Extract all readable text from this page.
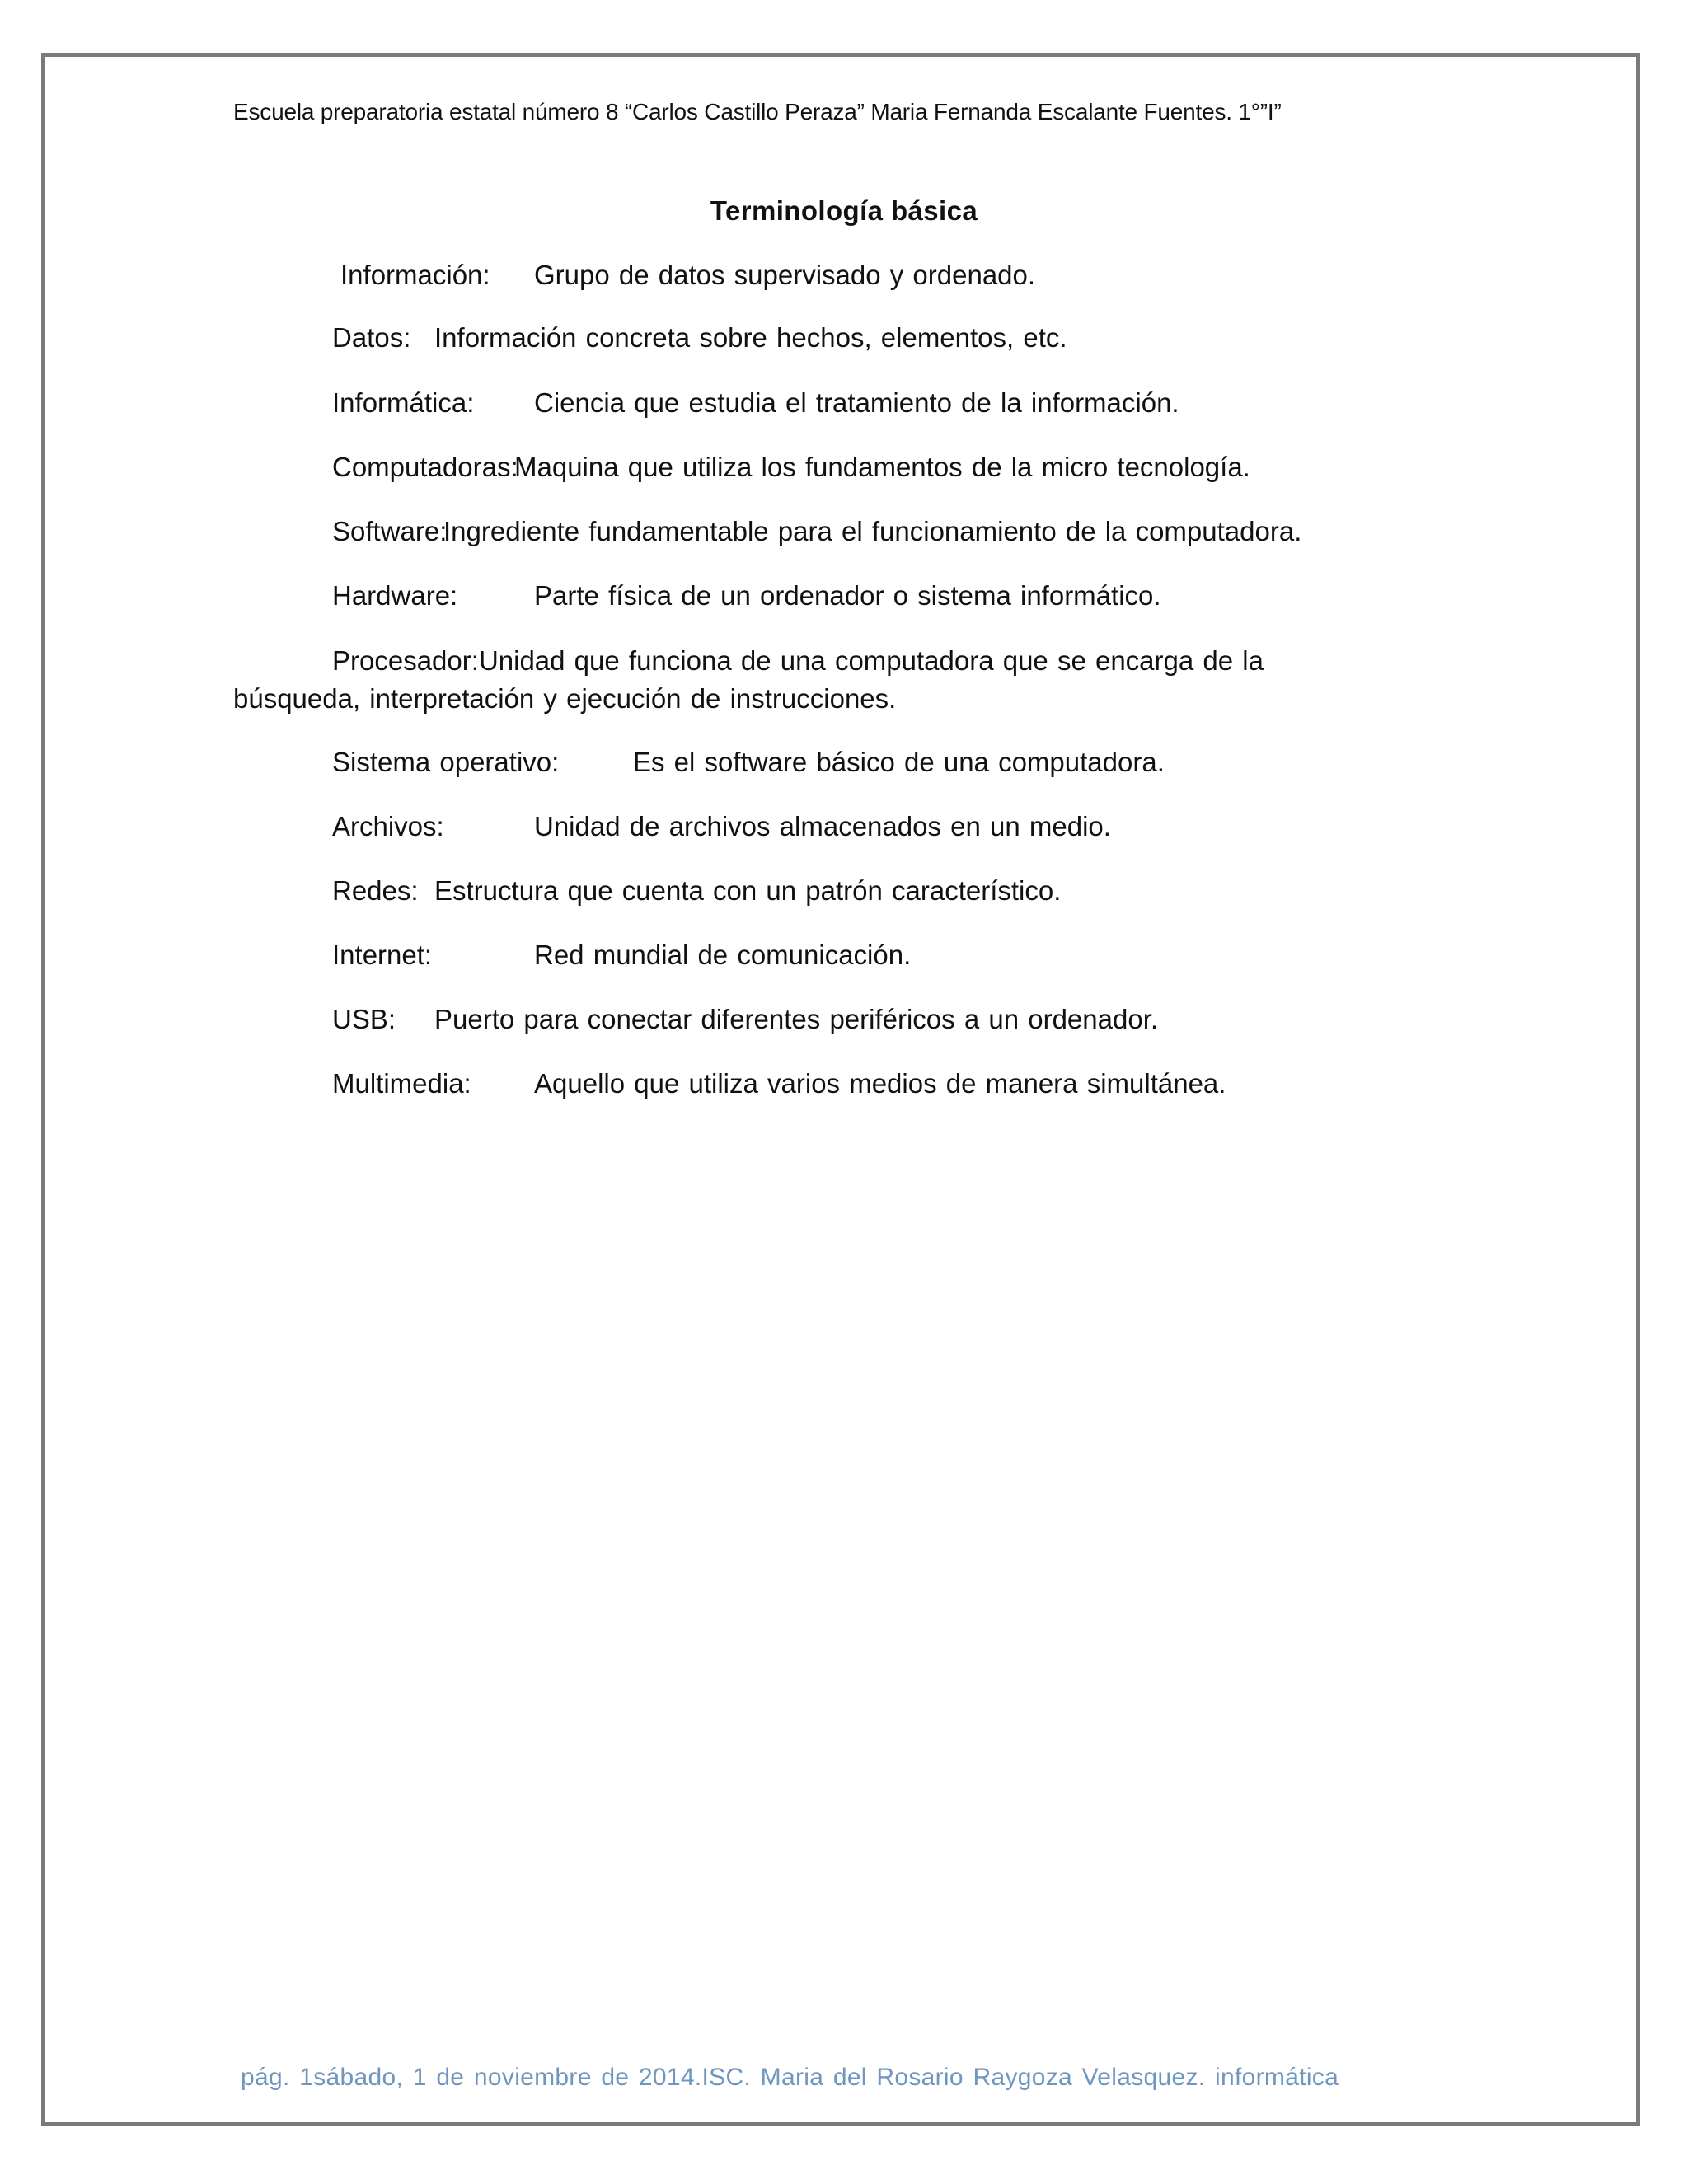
Escuela preparatoria estatal número 8 “Carlos Castillo Peraza” Maria Fernanda Escalante Fuentes. 1°”I”
Terminología básica
Información: Grupo de datos supervisado y ordenado.
Datos: Información concreta sobre hechos, elementos, etc.
Informática: Ciencia que estudia el tratamiento de la información.
Computadoras:Maquina que utiliza los fundamentos de la micro tecnología.
Software:Ingrediente fundamentable para el funcionamiento de la computadora.
Hardware:	Parte física de un ordenador o sistema informático.
Procesador:Unidad que funciona de una computadora que se encarga de la búsqueda, interpretación y ejecución de instrucciones.
Sistema operativo:	Es el software básico de una computadora.
Archivos:	Unidad de archivos almacenados en un medio.
Redes: Estructura que cuenta con un patrón característico.
Internet:	Red mundial de comunicación.
USB: Puerto para conectar diferentes periféricos a un ordenador.
Multimedia: Aquello que utiliza varios medios de manera simultánea.
pág. 1sábado, 1 de noviembre de 2014.ISC. Maria del Rosario Raygoza Velasquez. informática
